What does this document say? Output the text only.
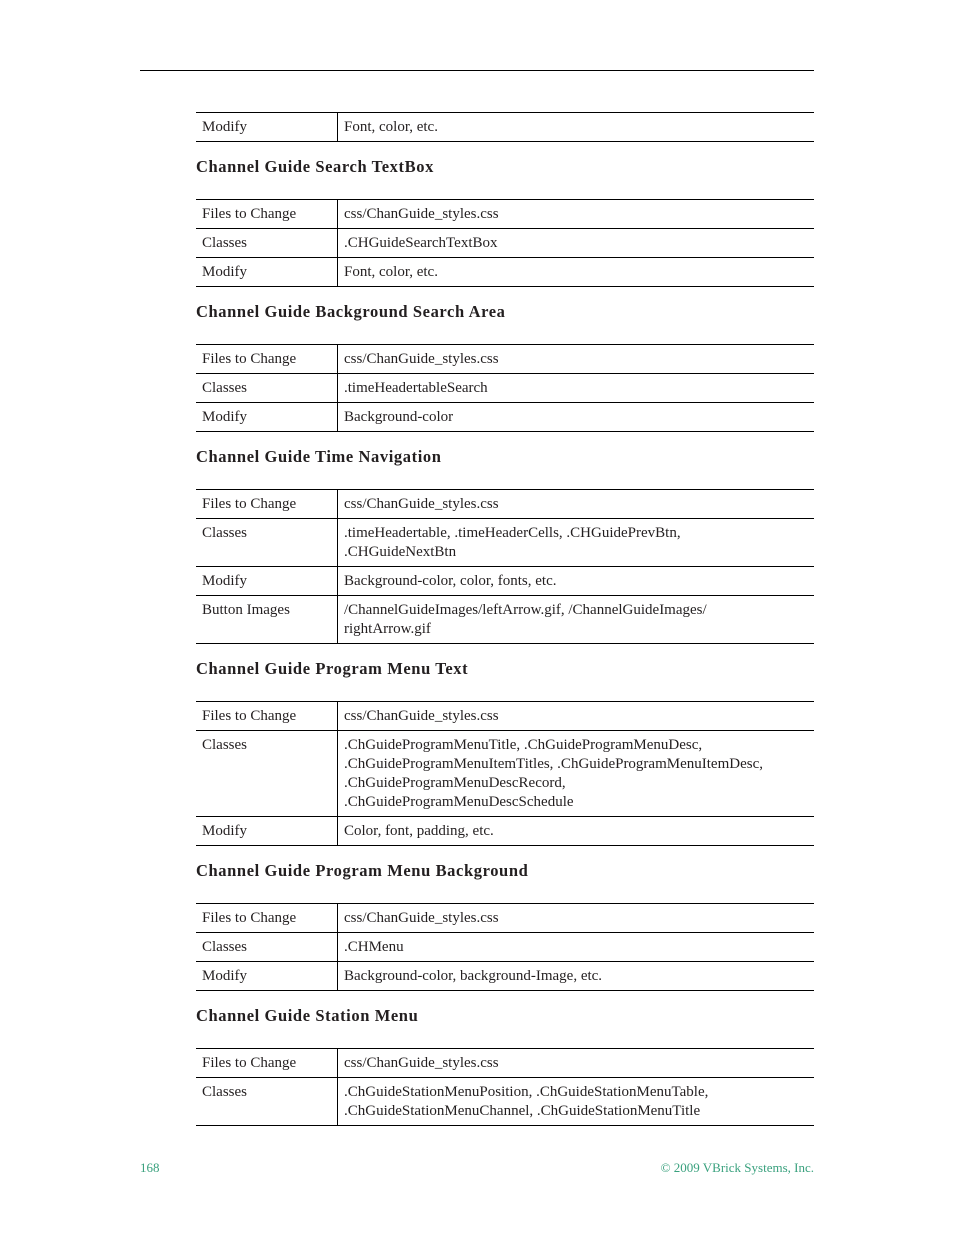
Modify	Font, color, etc.
Channel Guide Search TextBox
Files to Change	css/ChanGuide_styles.css
Classes	.CHGuideSearchTextBox
Modify	Font, color, etc.
Channel Guide Background Search Area
Files to Change	css/ChanGuide_styles.css
Classes	.timeHeadertableSearch
Modify	Background-color
Channel Guide Time Navigation
Files to Change	css/ChanGuide_styles.css
Classes	.timeHeadertable, .timeHeaderCells, .CHGuidePrevBtn,
.CHGuideNextBtn
Modify	Background-color, color, fonts, etc.
Button Images	/ChannelGuideImages/leftArrow.gif, /ChannelGuideImages/
rightArrow.gif
Channel Guide Program Menu Text
Files to Change	css/ChanGuide_styles.css
Classes	.ChGuideProgramMenuTitle, .ChGuideProgramMenuDesc,
.ChGuideProgramMenuItemTitles, .ChGuideProgramMenuItemDesc,
.ChGuideProgramMenuDescRecord,
.ChGuideProgramMenuDescSchedule
Modify	Color, font, padding, etc.
Channel Guide Program Menu Background
Files to Change	css/ChanGuide_styles.css
Classes	.CHMenu
Modify	Background-color, background-Image, etc.
Channel Guide Station Menu
Files to Change	css/ChanGuide_styles.css
Classes	.ChGuideStationMenuPosition, .ChGuideStationMenuTable,
.ChGuideStationMenuChannel, .ChGuideStationMenuTitle
168	© 2009 VBrick Systems, Inc.
